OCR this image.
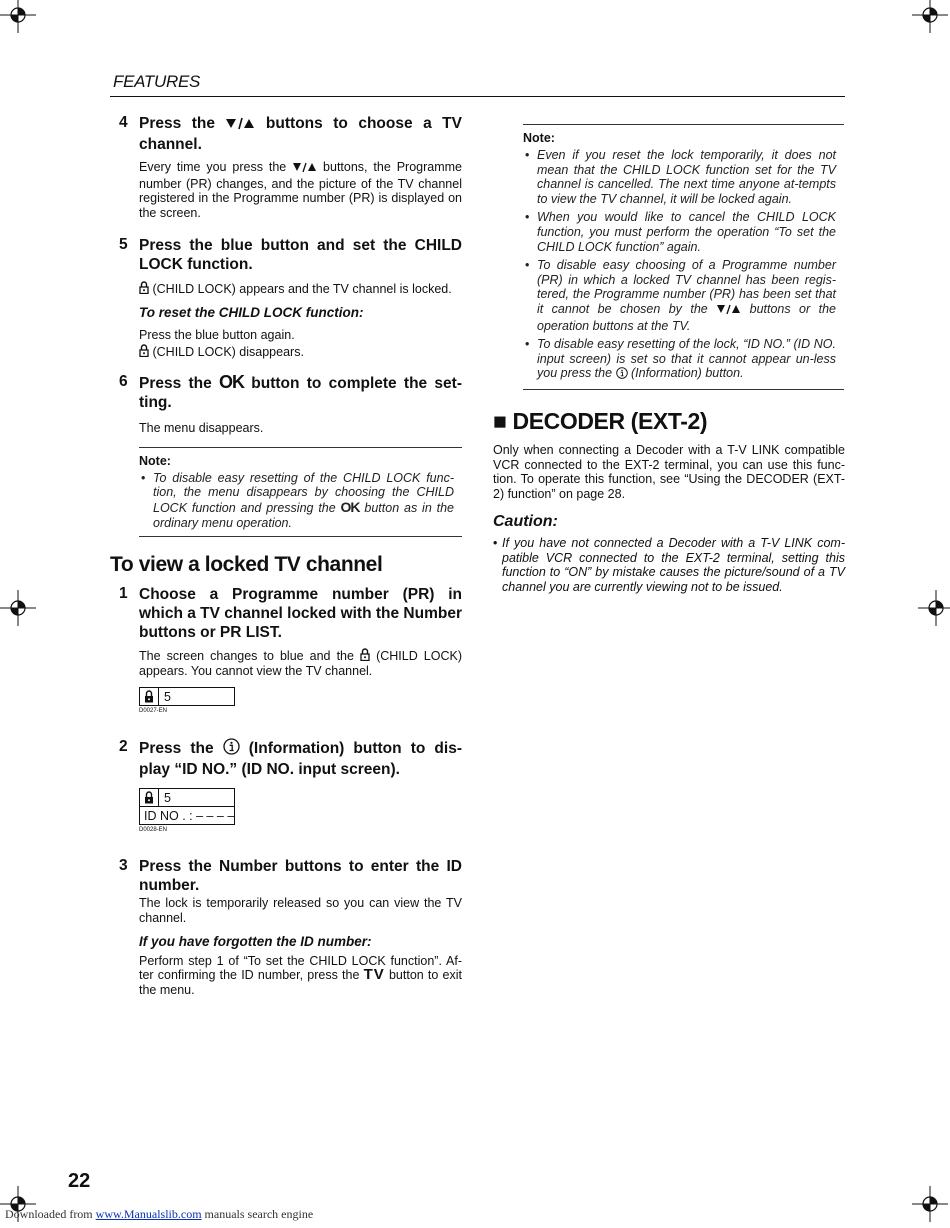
FEATURES
4 Press the  buttons to choose a TV channel.
Every time you press the  buttons, the Programme number (PR) changes, and the picture of the TV channel registered in the Programme number (PR) is displayed on the screen.
5 Press the blue button and set the CHILD LOCK function.
(CHILD LOCK) appears and the TV channel is locked.
To reset the CHILD LOCK function:
Press the blue button again.
(CHILD LOCK) disappears.
6 Press the OK button to complete the set-ting.
The menu disappears.
Note:
• To disable easy resetting of the CHILD LOCK func-tion, the menu disappears by choosing the CHILD LOCK function and pressing the OK button as in the ordinary menu operation.
To view a locked TV channel
1 Choose a Programme number (PR) in which a TV channel locked with the Number buttons or PR LIST.
The screen changes to blue and the  (CHILD LOCK) appears. You cannot view the TV channel.
5
D0027-EN
2 Press the  (Information) button to dis-play “ID NO.” (ID NO. input screen).
5
ID NO . : – – – –
D0028-EN
3 Press the Number buttons to enter the ID number.
The lock is temporarily released so you can view the TV channel.
If you have forgotten the ID number:
Perform step 1 of “To set the CHILD LOCK function”. Af-ter confirming the ID number, press the TV button to exit the menu.
Note:
• Even if you reset the lock temporarily, it does not mean that the CHILD LOCK function set for the TV channel is cancelled. The next time anyone at-tempts to view the TV channel, it will be locked again.
• When you would like to cancel the CHILD LOCK function, you must perform the operation “To set the CHILD LOCK function” again.
• To disable easy choosing of a Programme number (PR) in which a locked TV channel has been regis-tered, the Programme number (PR) has been set that it cannot be chosen by the  buttons or the operation buttons at the TV.
• To disable easy resetting of the lock, “ID NO.” (ID NO. input screen) is set so that it cannot appear un-less you press the  (Information) button.
■ DECODER (EXT-2)
Only when connecting a Decoder with a T-V LINK compatible VCR connected to the EXT-2 terminal, you can use this func-tion. To operate this function, see “Using the DECODER (EXT-2) function” on page 28.
Caution:
• If you have not connected a Decoder with a T-V LINK com-patible VCR connected to the EXT-2 terminal, setting this function to “ON” by mistake causes the picture/sound of a TV channel you are currently viewing not to be issued.
22
Downloaded from www.Manualslib.com manuals search engine
